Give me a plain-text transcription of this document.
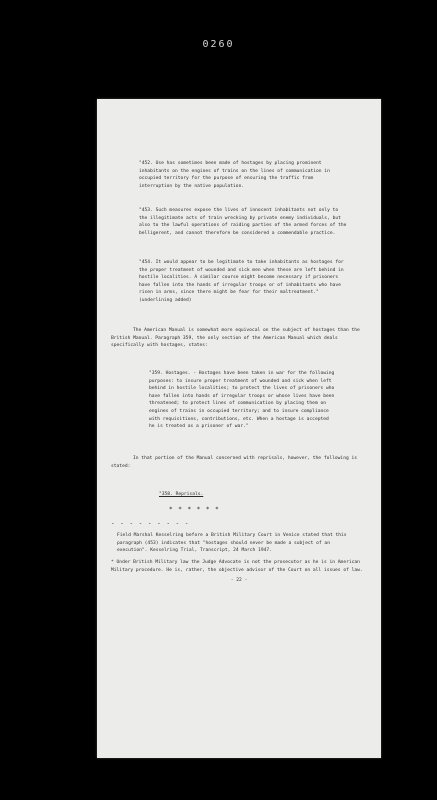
0260
"452. Use has sometimes been made of hostages by placing prominent inhabitants on the engines of trains on the lines of communication in occupied territory for the purpose of ensuring the traffic from interruption by the native population.
"453. Such measures expose the lives of innocent inhabitants not only to the illegitimate acts of train wrecking by private enemy individuals, but also to the lawful operations of raiding parties of the armed forces of the belligerent, and cannot therefore be considered a commendable practice.
"454. It would appear to be legitimate to take inhabitants as hostages for the proper treatment of wounded and sick men when these are left behind in hostile localities. A similar course might become necessary if prisoners have fallen into the hands of irregular troops or of inhabitants who have risen in arms, since there might be fear for their maltreatment." (underlining added)
The American Manual is somewhat more equivocal on the subject of hostages than the British Manual. Paragraph 359, the only section of the American Manual which deals specifically with hostages, states:
"359. Hostages. - Hostages have been taken in war for the following purposes: to insure proper treatment of wounded and sick when left behind in hostile localities; to protect the lives of prisoners who have fallen into hands of irregular troops or whose lives have been threatened; to protect lines of communication by placing them on engines of trains in occupied territory; and to insure compliance with requisitions, contributions, etc. When a hostage is accepted he is treated as a prisoner of war."
In that portion of the Manual concerned with reprisals, however, the following is stated:
"358. Reprisals.
* * * * * *
- - - - - - - - -
Field Marshal Kesselring before a British Military Court in Venice stated that this paragraph (453) indicates that "hostages should never be made a subject of an execution". Kesselring Trial, Transcript, 24 March 1947.
* Under British Military law the Judge Advocate is not the prosecutor as he is in American Military procedure. He is, rather, the objective advisor of the Court on all issues of law.
- 22 -
